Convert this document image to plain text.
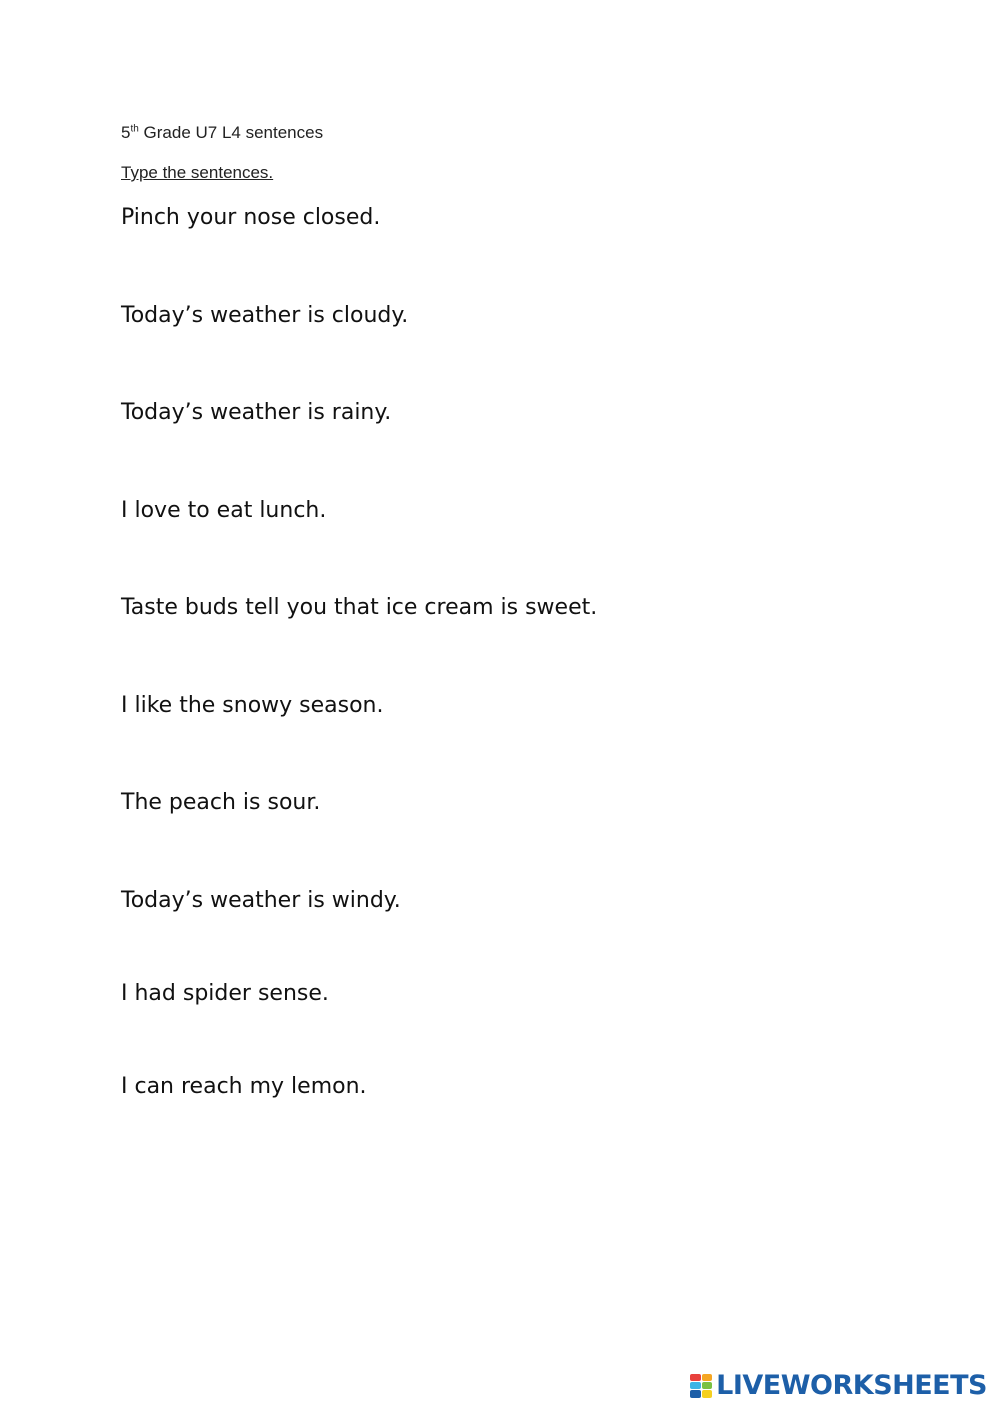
5th Grade U7 L4 sentences

Type the sentences.

Pinch your nose closed.
Today’s weather is cloudy.
Today’s weather is rainy.
I love to eat lunch.
Taste buds tell you that ice cream is sweet.
I like the snowy season.
The peach is sour.
Today’s weather is windy.
I had spider sense.
I can reach my lemon.
LIVEWORKSHEETS
